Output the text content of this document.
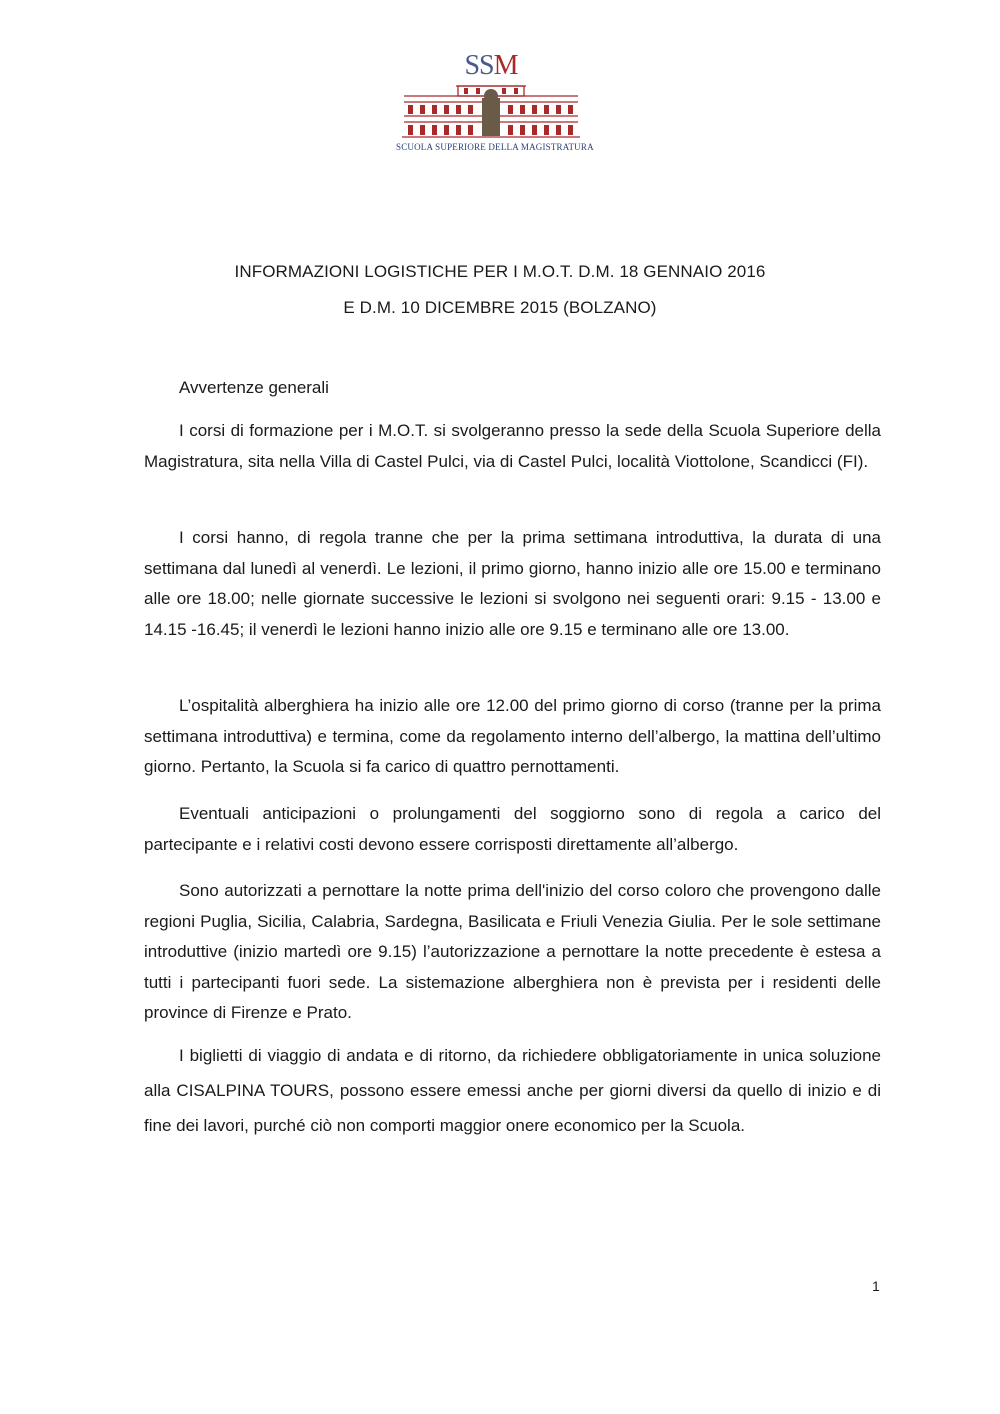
SSM
SCUOLA SUPERIORE DELLA MAGISTRATURA
INFORMAZIONI LOGISTICHE PER I M.O.T. D.M. 18 GENNAIO 2016
E D.M. 10 DICEMBRE 2015 (BOLZANO)
Avvertenze generali

I corsi di formazione per i M.O.T. si svolgeranno presso la sede della Scuola Superiore della Magistratura, sita nella Villa di Castel Pulci, via di Castel Pulci, località Viottolone, Scandicci (FI).

I corsi hanno, di regola tranne che per la prima settimana introduttiva, la durata di una settimana dal lunedì al venerdì. Le lezioni, il primo giorno, hanno inizio alle ore 15.00 e terminano alle ore 18.00; nelle giornate successive le lezioni si svolgono nei seguenti orari: 9.15 - 13.00 e 14.15 -16.45; il venerdì le lezioni hanno inizio alle ore 9.15 e terminano alle ore 13.00.

L’ospitalità alberghiera ha inizio alle ore 12.00 del primo giorno di corso (tranne per la prima settimana introduttiva) e termina, come da regolamento interno dell’albergo, la mattina dell’ultimo giorno. Pertanto, la Scuola si fa carico di quattro pernottamenti.

Eventuali anticipazioni o prolungamenti del soggiorno sono di regola a carico del partecipante e i relativi costi devono essere corrisposti direttamente all’albergo.

Sono autorizzati a pernottare la notte prima dell'inizio del corso coloro che provengono dalle regioni Puglia, Sicilia, Calabria, Sardegna, Basilicata e Friuli Venezia Giulia. Per le sole settimane introduttive (inizio martedì ore 9.15) l’autorizzazione a pernottare la notte precedente è estesa a tutti i partecipanti fuori sede. La sistemazione alberghiera non è prevista per i residenti delle province di Firenze e Prato.

I biglietti di viaggio di andata e di ritorno, da richiedere obbligatoriamente in unica soluzione alla CISALPINA TOURS, possono essere emessi anche per giorni diversi da quello di inizio e di fine dei lavori, purché ciò non comporti maggior onere economico per la Scuola.

1
